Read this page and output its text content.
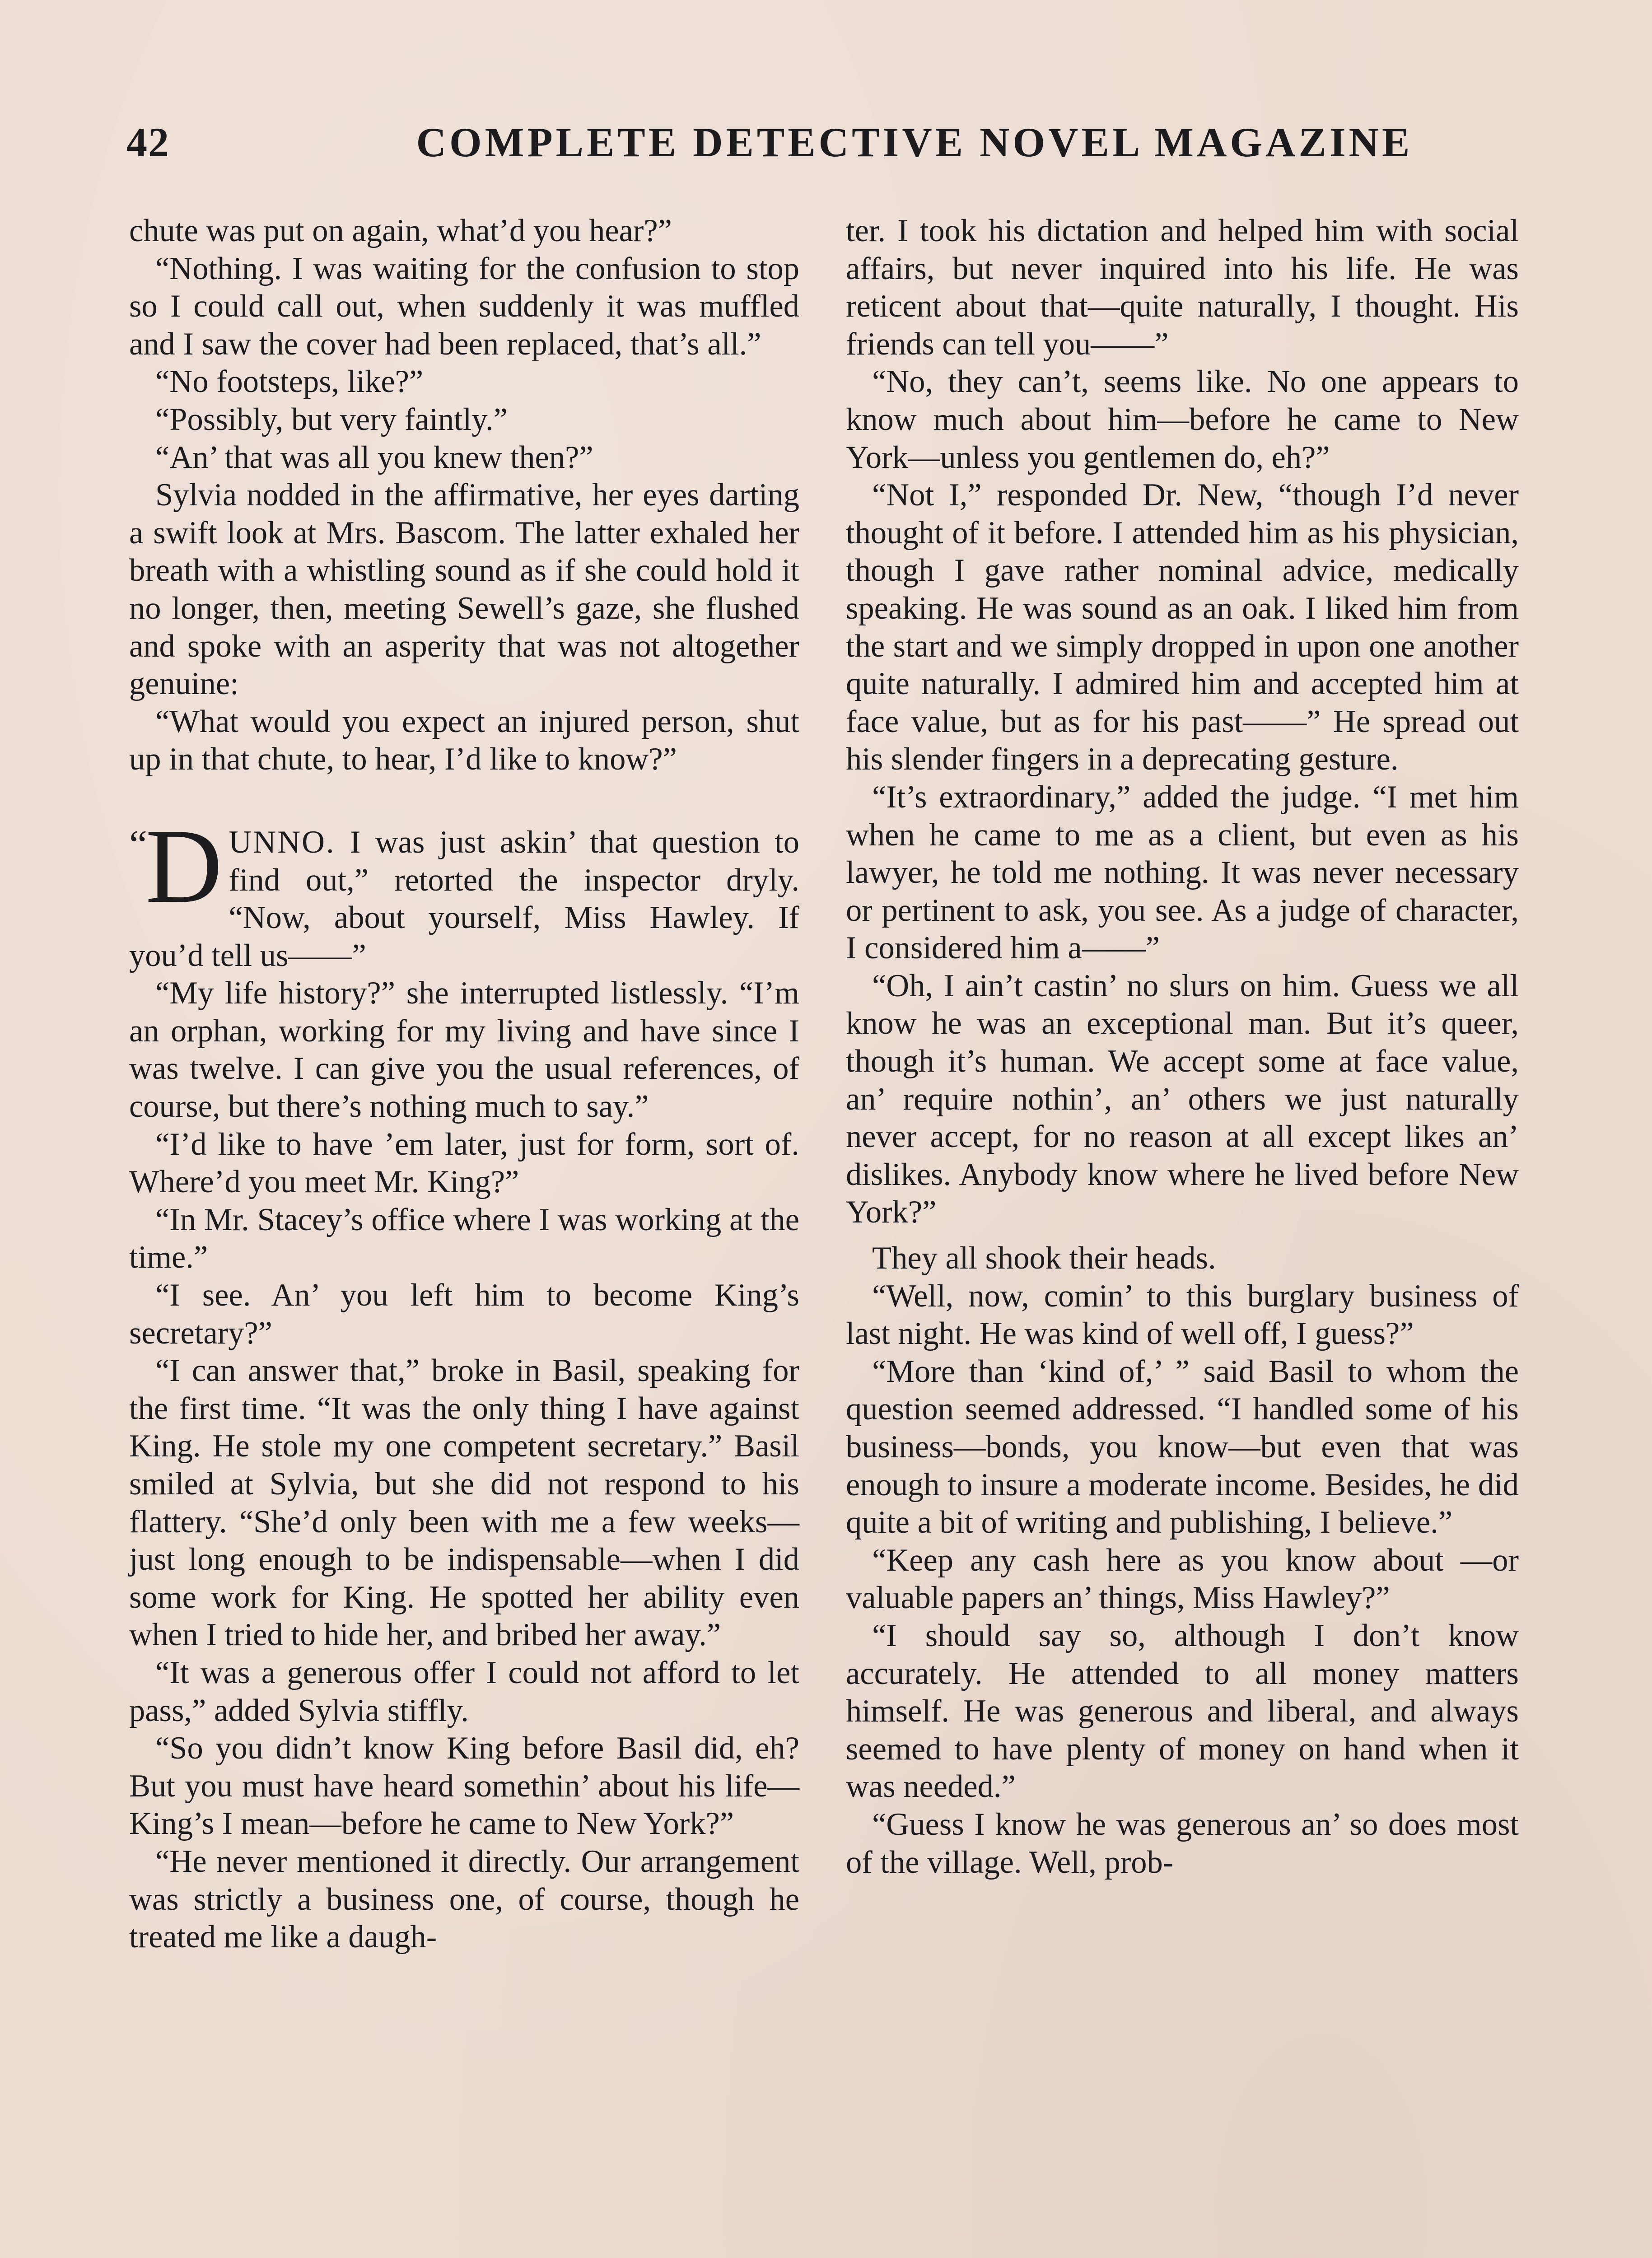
42	COMPLETE DETECTIVE NOVEL MAGAZINE

chute was put on again, what’d you hear?”

“Nothing. I was waiting for the confusion to stop so I could call out, when suddenly it was muffled and I saw the cover had been replaced, that’s all.”

“No footsteps, like?”

“Possibly, but very faintly.”

“An’ that was all you knew then?”

Sylvia nodded in the affirmative, her eyes darting a swift look at Mrs. Bascom. The latter exhaled her breath with a whistling sound as if she could hold it no longer, then, meeting Sewell’s gaze, she flushed and spoke with an asperity that was not altogether genuine:

“What would you expect an injured person, shut up in that chute, to hear, I’d like to know?”

“
D UNNO. I was just askin’ that question to find out,” retorted the inspector dryly. “Now, about yourself, Miss Hawley. If you’d tell us——”

“My life history?” she interrupted listlessly. “I’m an orphan, working for my living and have since I was twelve. I can give you the usual references, of course, but there’s nothing much to say.”

“I’d like to have ’em later, just for form, sort of. Where’d you meet Mr. King?”

“In Mr. Stacey’s office where I was working at the time.”

“I see. An’ you left him to become King’s secretary?”

“I can answer that,” broke in Basil, speaking for the first time. “It was the only thing I have against King. He stole my one competent secretary.” Basil smiled at Sylvia, but she did not respond to his flattery. “She’d only been with me a few weeks—just long enough to be indispensable—when I did some work for King. He spotted her ability even when I tried to hide her, and bribed her away.”

“It was a generous offer I could not afford to let pass,” added Sylvia stiffly.

“So you didn’t know King before Basil did, eh? But you must have heard somethin’ about his life—King’s I mean—before he came to New York?”

“He never mentioned it directly. Our arrangement was strictly a business one, of course, though he treated me like a daugh-

ter. I took his dictation and helped him with social affairs, but never inquired into his life. He was reticent about that—quite naturally, I thought. His friends can tell you——”

“No, they can’t, seems like. No one appears to know much about him—before he came to New York—unless you gentlemen do, eh?”

“Not I,” responded Dr. New, “though I’d never thought of it before. I attended him as his physician, though I gave rather nominal advice, medically speaking. He was sound as an oak. I liked him from the start and we simply dropped in upon one another quite naturally. I admired him and accepted him at face value, but as for his past——” He spread out his slender fingers in a deprecating gesture.

“It’s extraordinary,” added the judge. “I met him when he came to me as a client, but even as his lawyer, he told me nothing. It was never necessary or pertinent to ask, you see. As a judge of character, I considered him a——”

“Oh, I ain’t castin’ no slurs on him. Guess we all know he was an exceptional man. But it’s queer, though it’s human. We accept some at face value, an’ require nothin’, an’ others we just naturally never accept, for no reason at all except likes an’ dislikes. Anybody know where he lived before New York?”

They all shook their heads.

“Well, now, comin’ to this burglary business of last night. He was kind of well off, I guess?”

“More than ‘kind of,’ ” said Basil to whom the question seemed addressed. “I handled some of his business—bonds, you know—but even that was enough to insure a moderate income. Besides, he did quite a bit of writing and publishing, I believe.”

“Keep any cash here as you know about —or valuable papers an’ things, Miss Hawley?”

“I should say so, although I don’t know accurately. He attended to all money matters himself. He was generous and liberal, and always seemed to have plenty of money on hand when it was needed.”

“Guess I know he was generous an’ so does most of the village. Well, prob-
